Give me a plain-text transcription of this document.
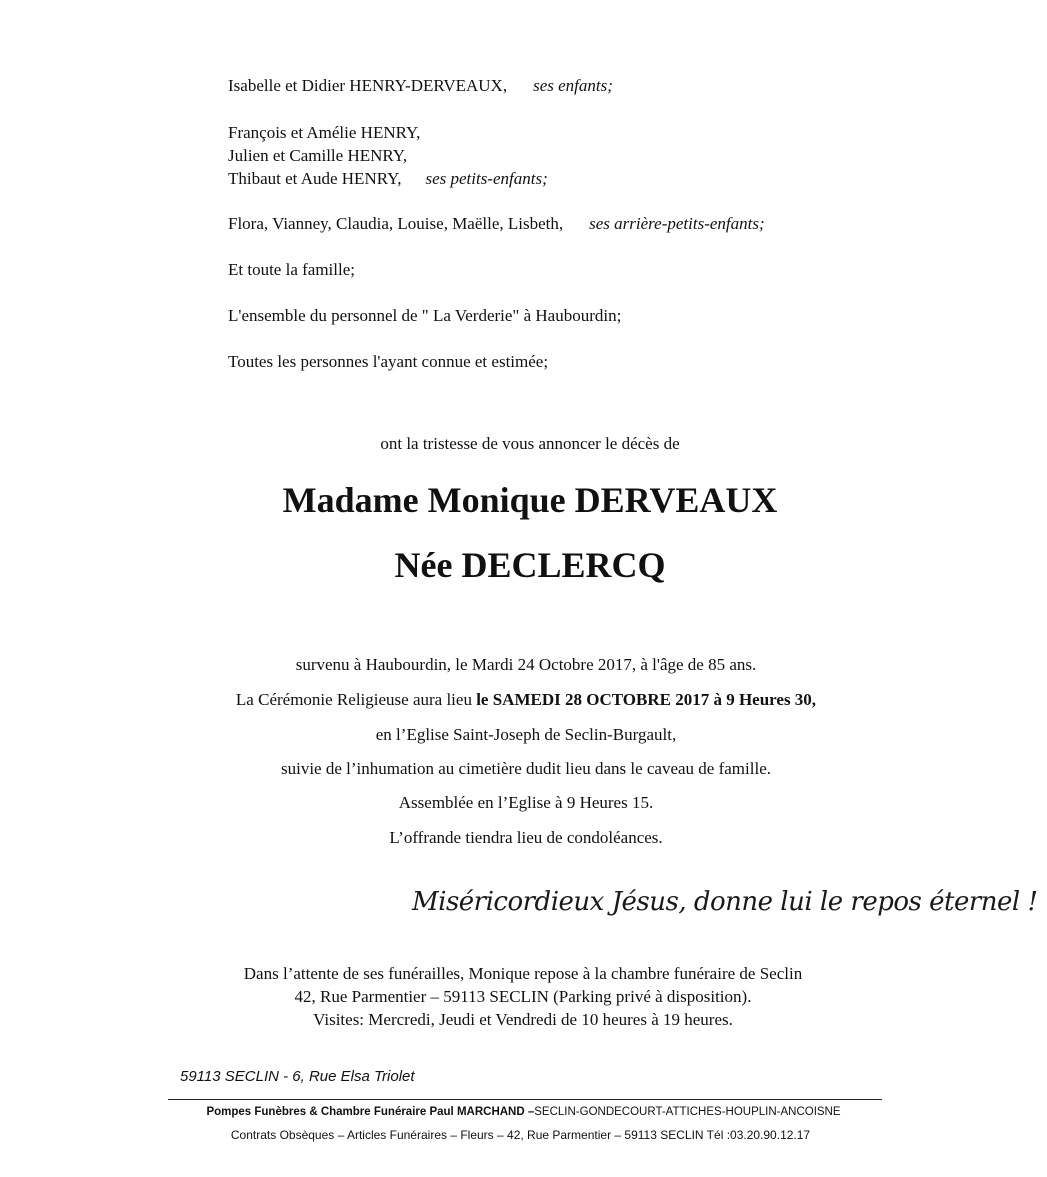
Isabelle et Didier HENRY-DERVEAUX, ses enfants;
François et Amélie HENRY,
Julien et Camille HENRY,
Thibaut et Aude HENRY, ses petits-enfants;
Flora, Vianney, Claudia, Louise, Maëlle, Lisbeth, ses arrière-petits-enfants;
Et toute la famille;
L'ensemble du personnel de " La Verderie" à Haubourdin;
Toutes les personnes l'ayant connue et estimée;
ont la tristesse de vous annoncer le décès de
Madame Monique DERVEAUX
Née DECLERCQ
survenu à Haubourdin, le Mardi 24 Octobre 2017, à l'âge de 85 ans.
La Cérémonie Religieuse aura lieu le SAMEDI 28 OCTOBRE 2017 à 9 Heures 30,
en l’Eglise Saint-Joseph de Seclin-Burgault,
suivie de l’inhumation au cimetière dudit lieu dans le caveau de famille.
Assemblée en l’Eglise à 9 Heures 15.
L’offrande tiendra lieu de condoléances.
Miséricordieux Jésus, donne lui le repos éternel !
Dans l’attente de ses funérailles, Monique repose à la chambre funéraire de Seclin
42, Rue Parmentier – 59113 SECLIN (Parking privé à disposition).
Visites: Mercredi, Jeudi et Vendredi de 10 heures à 19 heures.
59113 SECLIN - 6, Rue Elsa Triolet
Pompes Funèbres & Chambre Funéraire Paul MARCHAND –SECLIN-GONDECOURT-ATTICHES-HOUPLIN-ANCOISNE
Contrats Obsèques – Articles Funéraires – Fleurs – 42, Rue Parmentier – 59113 SECLIN Tél :03.20.90.12.17
